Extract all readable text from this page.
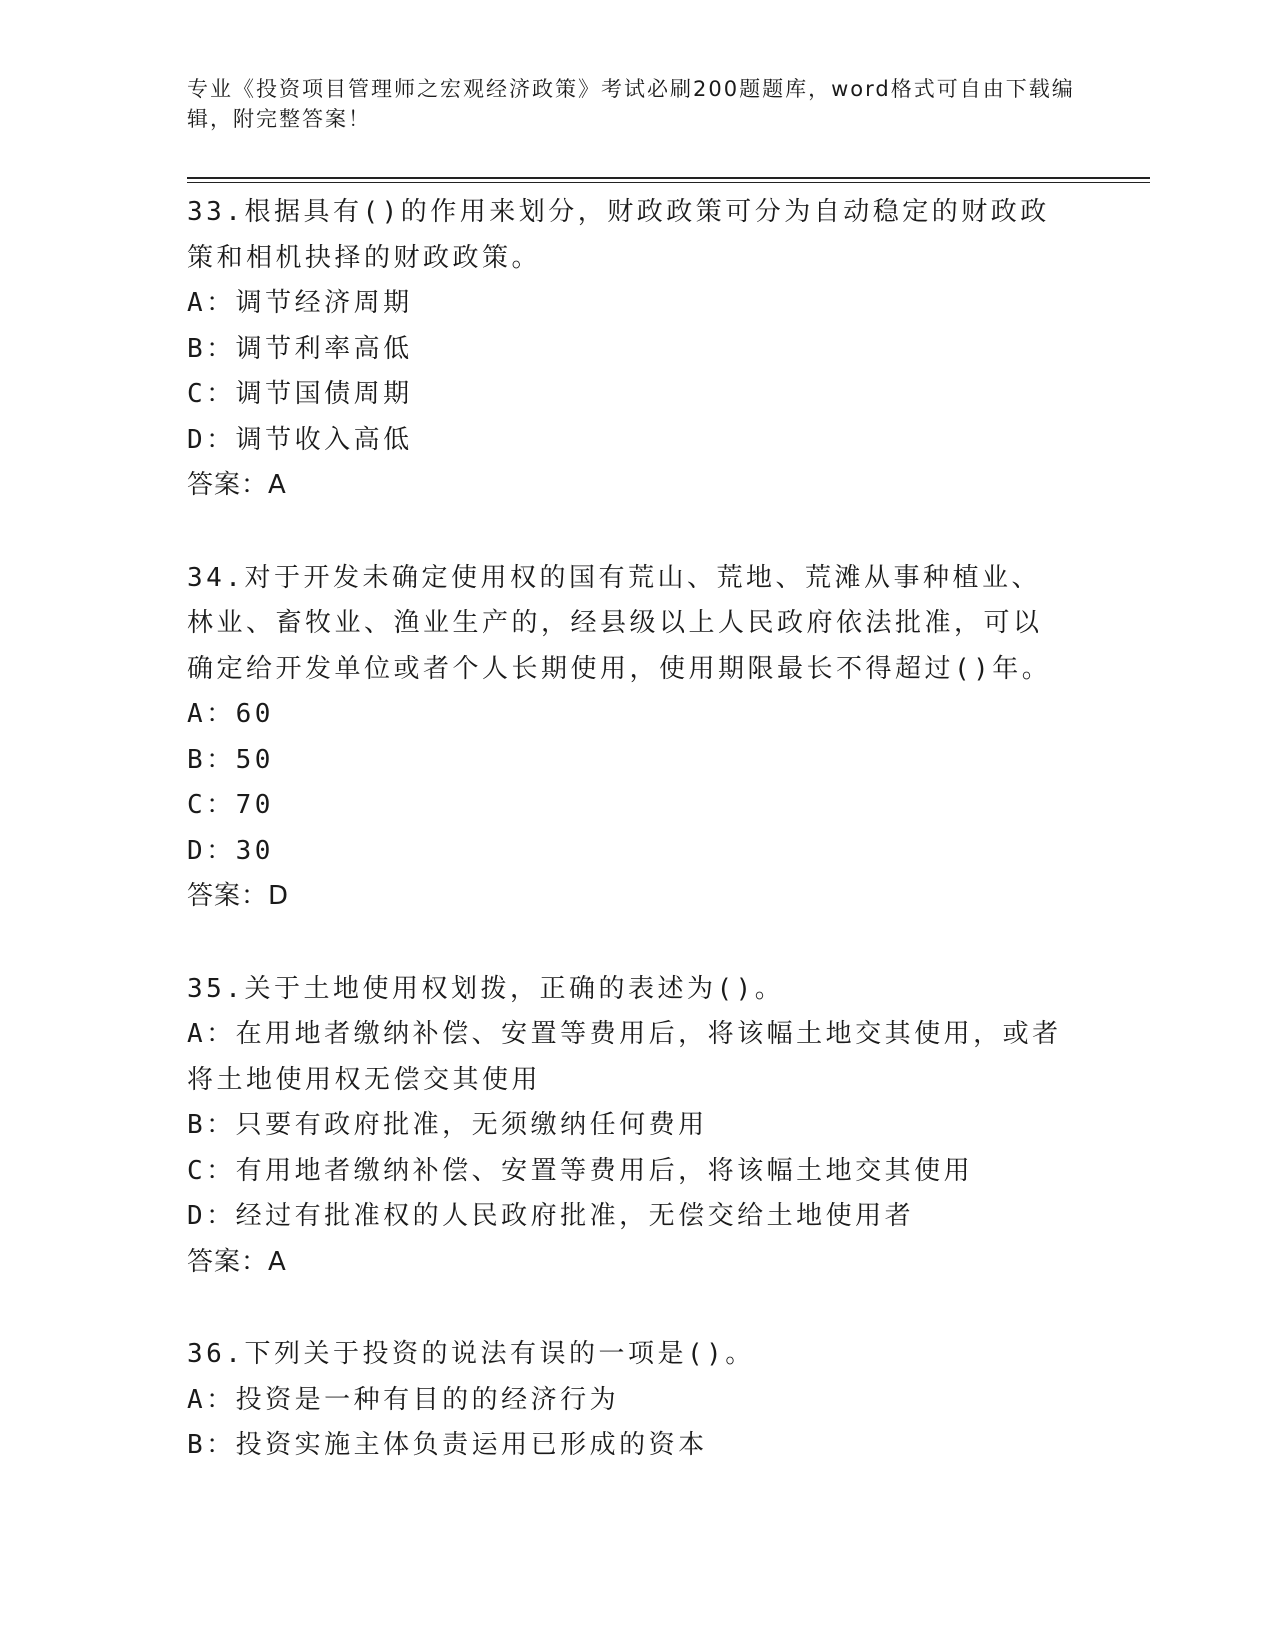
专业《投资项目管理师之宏观经济政策》考试必刷200题题库，word格式可自由下载编辑，附完整答案！
33.根据具有()的作用来划分，财政政策可分为自动稳定的财政政策和相机抉择的财政政策。
A：调节经济周期
B：调节利率高低
C：调节国债周期
D：调节收入高低
答案：A
34.对于开发未确定使用权的国有荒山、荒地、荒滩从事种植业、林业、畜牧业、渔业生产的，经县级以上人民政府依法批准，可以确定给开发单位或者个人长期使用，使用期限最长不得超过()年。
A：60
B：50
C：70
D：30
答案：D
35.关于土地使用权划拨，正确的表述为()。
A：在用地者缴纳补偿、安置等费用后，将该幅土地交其使用，或者将土地使用权无偿交其使用
B：只要有政府批准，无须缴纳任何费用
C：有用地者缴纳补偿、安置等费用后，将该幅土地交其使用
D：经过有批准权的人民政府批准，无偿交给土地使用者
答案：A
36.下列关于投资的说法有误的一项是()。
A：投资是一种有目的的经济行为
B：投资实施主体负责运用已形成的资本
